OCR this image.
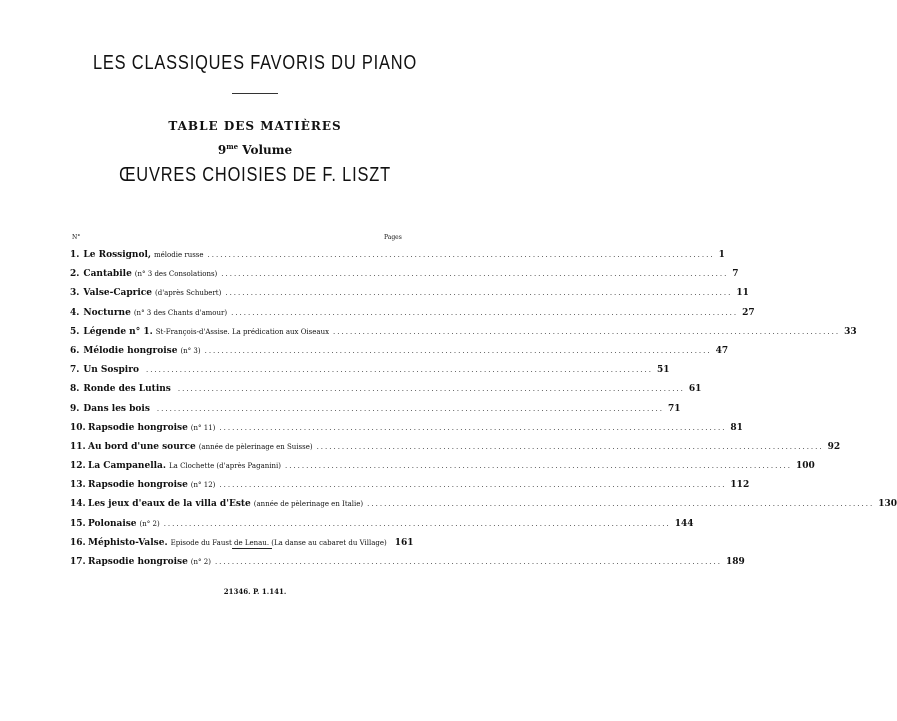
LES CLASSIQUES FAVORIS DU PIANO
TABLE DES MATIÈRES
$9^{me}$ Volume
ŒUVRES CHOISIES DE F. LISZT
N°	Pages
1. Le Rossignol, mélodie russe ........................................................................................................................ 1
2. Cantabile (n° 3 des Consolations) ........................................................................................................................ 7
3. Valse-Caprice (d'après Schubert) ........................................................................................................................ 11
4. Nocturne (n° 3 des Chants d'amour) ........................................................................................................................ 27
5. Légende n° 1. St-François-d'Assise. La prédication aux Oiseaux ........................................................................................................................ 33
6. Mélodie hongroise (n° 3) ........................................................................................................................ 47
7. Un Sospiro ........................................................................................................................ 51
8. Ronde des Lutins ........................................................................................................................ 61
9. Dans les bois ........................................................................................................................ 71
10. Rapsodie hongroise (n° 11) ........................................................................................................................ 81
11. Au bord d'une source (année de pèlerinage en Suisse) ........................................................................................................................ 92
12. La Campanella. La Clochette (d'après Paganini) ........................................................................................................................ 100
13. Rapsodie hongroise (n° 12) ........................................................................................................................ 112
14. Les jeux d'eaux de la villa d'Este (année de pèlerinage en Italie) ........................................................................................................................ 130
15. Polonaise (n° 2) ........................................................................................................................ 144
16. Méphisto-Valse. Episode du Faust de Lenau. (La danse au cabaret du Village) 161
17. Rapsodie hongroise (n° 2) ........................................................................................................................ 189
21346. P. 1.141.
